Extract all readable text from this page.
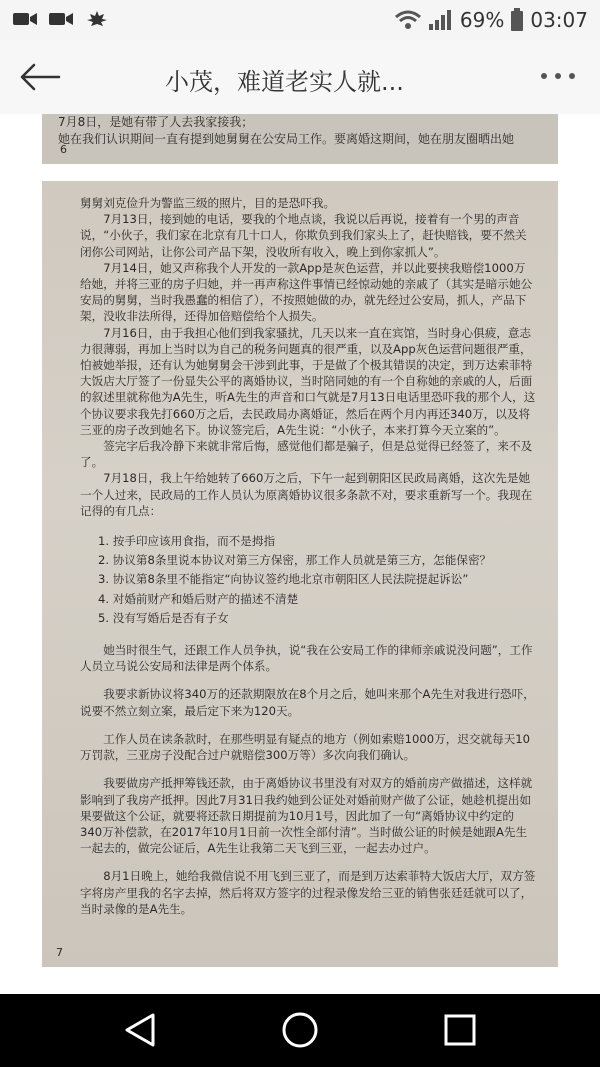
69% 03:07
小茂，难道老实人就...
7月8日，是她有带了人去我家接我；
她在我们认识期间一直有提到她舅舅在公安局工作。要离婚这期间，她在朋友圈晒出她
6

舅舅刘克俭升为警监三级的照片，目的是恐吓我。

7月13日，接到她的电话，要我的个地点谈，我说以后再说，接着有一个男的声音说，“小伙子，我们家在北京有几十口人，你欺负到我们家头上了，赶快赔钱，要不然关闭你公司网站，让你公司产品下架，没收所有收入，晚上到你家抓人”。

7月14日，她又声称我个人开发的一款App是灰色运营，并以此要挟我赔偿1000万给她，并将三亚的房子归她，并一再声称这件事情已经惊动她的亲戚了（其实是暗示她公安局的舅舅，当时我愚蠢的相信了），不按照她做的办，就先经过公安局，抓人，产品下架，没收非法所得，还得加倍赔偿给个人损失。

7月16日，由于我担心他们到我家骚扰，几天以来一直在宾馆，当时身心俱疲，意志力很薄弱，再加上当时以为自己的税务问题真的很严重，以及App灰色运营问题很严重，怕被她举报，还有认为她舅舅会干涉到此事，于是做了个极其错误的决定，到万达索菲特大饭店大厅签了一份显失公平的离婚协议，当时陪同她的有一个自称她的亲戚的人，后面的叙述里就称他为A先生，听A先生的声音和口气就是7月13日电话里恐吓我的那个人，这个协议要求我先打660万之后，去民政局办离婚证，然后在两个月内再还340万，以及将三亚的房子改到她名下。协议签完后，A先生说：“小伙子，本来打算今天立案的”。

签完字后我冷静下来就非常后悔，感觉他们都是骗子，但是总觉得已经签了，来不及了。

7月18日，我上午给她转了660万之后，下午一起到朝阳区民政局离婚，这次先是她一个人过来，民政局的工作人员认为原离婚协议很多条款不对，要求重新写一个。我现在记得的有几点：

1. 按手印应该用食指，而不是拇指
2. 协议第8条里说本协议对第三方保密，那工作人员就是第三方，怎能保密？
3. 协议第8条里不能指定“向协议签约地北京市朝阳区人民法院提起诉讼”
4. 对婚前财产和婚后财产的描述不清楚
5. 没有写婚后是否有子女

她当时很生气，还跟工作人员争执，说“我在公安局工作的律师亲戚说没问题”，工作人员立马说公安局和法律是两个体系。

我要求新协议将340万的还款期限放在8个月之后，她叫来那个A先生对我进行恐吓，说要不然立刻立案，最后定下来为120天。

工作人员在读条款时，在那些明显有疑点的地方（例如索赔1000万，迟交就每天10万罚款，三亚房子没配合过户就赔偿300万等）多次向我们确认。

我要做房产抵押筹钱还款，由于离婚协议书里没有对双方的婚前房产做描述，这样就影响到了我房产抵押。因此7月31日我约她到公证处对婚前财产做了公证，她趁机提出如果要做这个公证，就要将还款日期提前为10月1号，因此加了一句“离婚协议中约定的340万补偿款，在2017年10月1日前一次性全部付清”。当时做公证的时候是她跟A先生一起去的，做完公证后，A先生让我第二天飞到三亚，一起去办过户。

8月1日晚上，她给我微信说不用飞到三亚了，而是到万达索菲特大饭店大厅，双方签字将房产里我的名字去掉，然后将双方签字的过程录像发给三亚的销售张廷廷就可以了，当时录像的是A先生。

7
